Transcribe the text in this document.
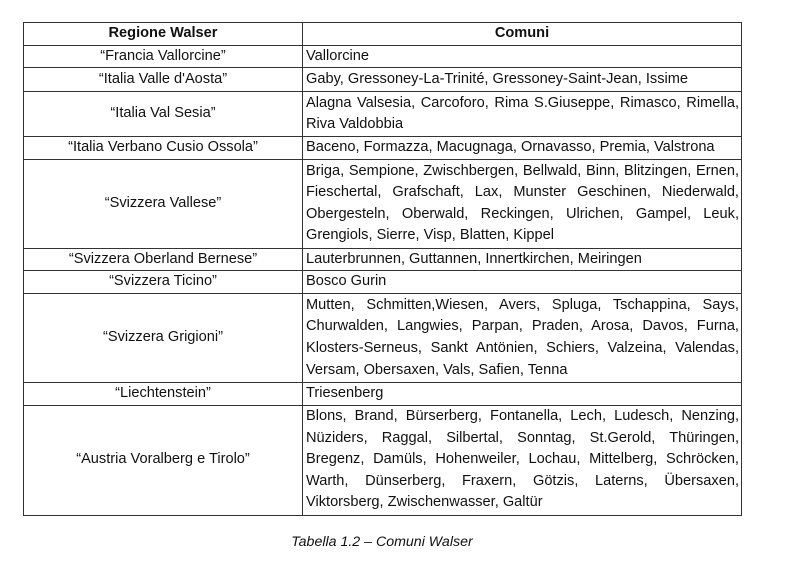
Regione Walser	Comuni
“Francia Vallorcine”	Vallorcine
“Italia Valle d'Aosta”	Gaby, Gressoney-La-Trinité, Gressoney-Saint-Jean, Issime
“Italia Val Sesia”	Alagna Valsesia, Carcoforo, Rima S.Giuseppe, Rimasco, Rimella, Riva Valdobbia
“Italia Verbano Cusio Ossola”	Baceno, Formazza, Macugnaga, Ornavasso, Premia, Valstrona
“Svizzera Vallese”	Briga, Sempione, Zwischbergen, Bellwald, Binn, Blitzingen, Ernen, Fieschertal, Grafschaft, Lax, Munster Geschinen, Niederwald, Obergesteln, Oberwald, Reckingen, Ulrichen, Gampel, Leuk, Grengiols, Sierre, Visp, Blatten, Kippel
“Svizzera Oberland Bernese”	Lauterbrunnen, Guttannen, Innertkirchen, Meiringen
“Svizzera Ticino”	Bosco Gurin
“Svizzera Grigioni”	Mutten, Schmitten,Wiesen, Avers, Spluga, Tschappina, Says, Churwalden, Langwies, Parpan, Praden, Arosa, Davos, Furna, Klosters-Serneus, Sankt Antönien, Schiers, Valzeina, Valendas, Versam, Obersaxen, Vals, Safien, Tenna
“Liechtenstein”	Triesenberg
“Austria Voralberg e Tirolo”	Blons, Brand, Bürserberg, Fontanella, Lech, Ludesch, Nenzing, Nüziders, Raggal, Silbertal, Sonntag, St.Gerold, Thüringen, Bregenz, Damüls, Hohenweiler, Lochau, Mittelberg, Schröcken, Warth, Dünserberg, Fraxern, Götzis, Laterns, Übersaxen, Viktorsberg, Zwischenwasser, Galtür
Tabella 1.2 – Comuni Walser
